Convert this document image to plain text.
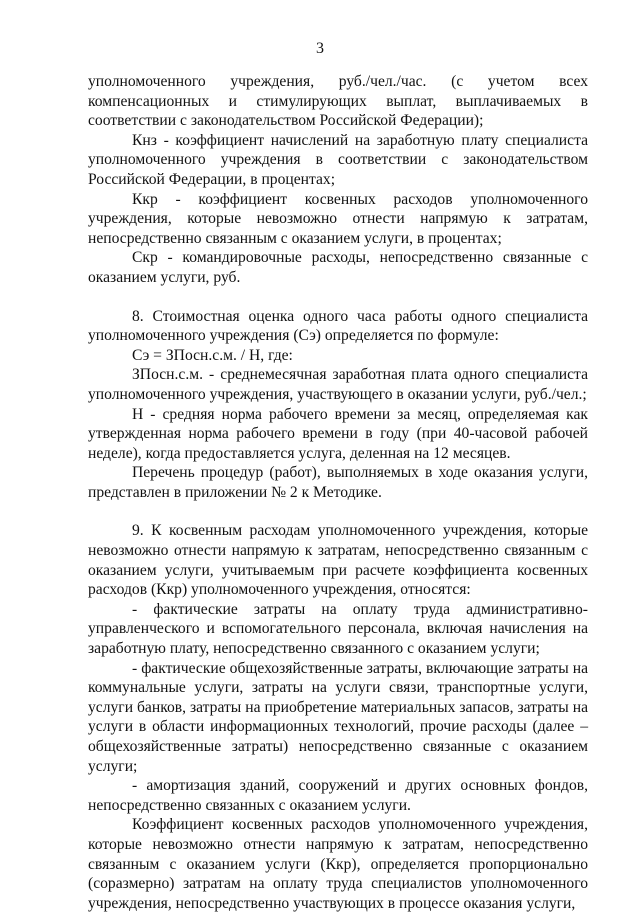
3

уполномоченного учреждения, руб./чел./час. (с учетом всех компенсационных и стимулирующих выплат, выплачиваемых в соответствии с законодательством Российской Федерации);

Кнз - коэффициент начислений на заработную плату специалиста уполномоченного учреждения в соответствии с законодательством Российской Федерации, в процентах;

Ккр - коэффициент косвенных расходов уполномоченного учреждения, которые невозможно отнести напрямую к затратам, непосредственно связанным с оказанием услуги, в процентах;

Скр - командировочные расходы, непосредственно связанные с оказанием услуги, руб.

8. Стоимостная оценка одного часа работы одного специалиста уполномоченного учреждения (Сэ) определяется по формуле:

Сэ = ЗПосн.с.м. / Н, где:

ЗПосн.с.м. - среднемесячная заработная плата одного специалиста уполномоченного учреждения, участвующего в оказании услуги, руб./чел.;

Н - средняя норма рабочего времени за месяц, определяемая как утвержденная норма рабочего времени в году (при 40-часовой рабочей неделе), когда предоставляется услуга, деленная на 12 месяцев.

Перечень процедур (работ), выполняемых в ходе оказания услуги, представлен в приложении № 2 к Методике.

9. К косвенным расходам уполномоченного учреждения, которые невозможно отнести напрямую к затратам, непосредственно связанным с оказанием услуги, учитываемым при расчете коэффициента косвенных расходов (Ккр) уполномоченного учреждения, относятся:

- фактические затраты на оплату труда административно-управленческого и вспомогательного персонала, включая начисления на заработную плату, непосредственно связанного с оказанием услуги;

- фактические общехозяйственные затраты, включающие затраты на коммунальные услуги, затраты на услуги связи, транспортные услуги, услуги банков, затраты на приобретение материальных запасов, затраты на услуги в области информационных технологий, прочие расходы (далее – общехозяйственные затраты) непосредственно связанные с оказанием услуги;

- амортизация зданий, сооружений и других основных фондов, непосредственно связанных с оказанием услуги.

Коэффициент косвенных расходов уполномоченного учреждения, которые невозможно отнести напрямую к затратам, непосредственно связанным с оказанием услуги (Ккр), определяется пропорционально (соразмерно) затратам на оплату труда специалистов уполномоченного учреждения, непосредственно участвующих в процессе оказания услуги,
